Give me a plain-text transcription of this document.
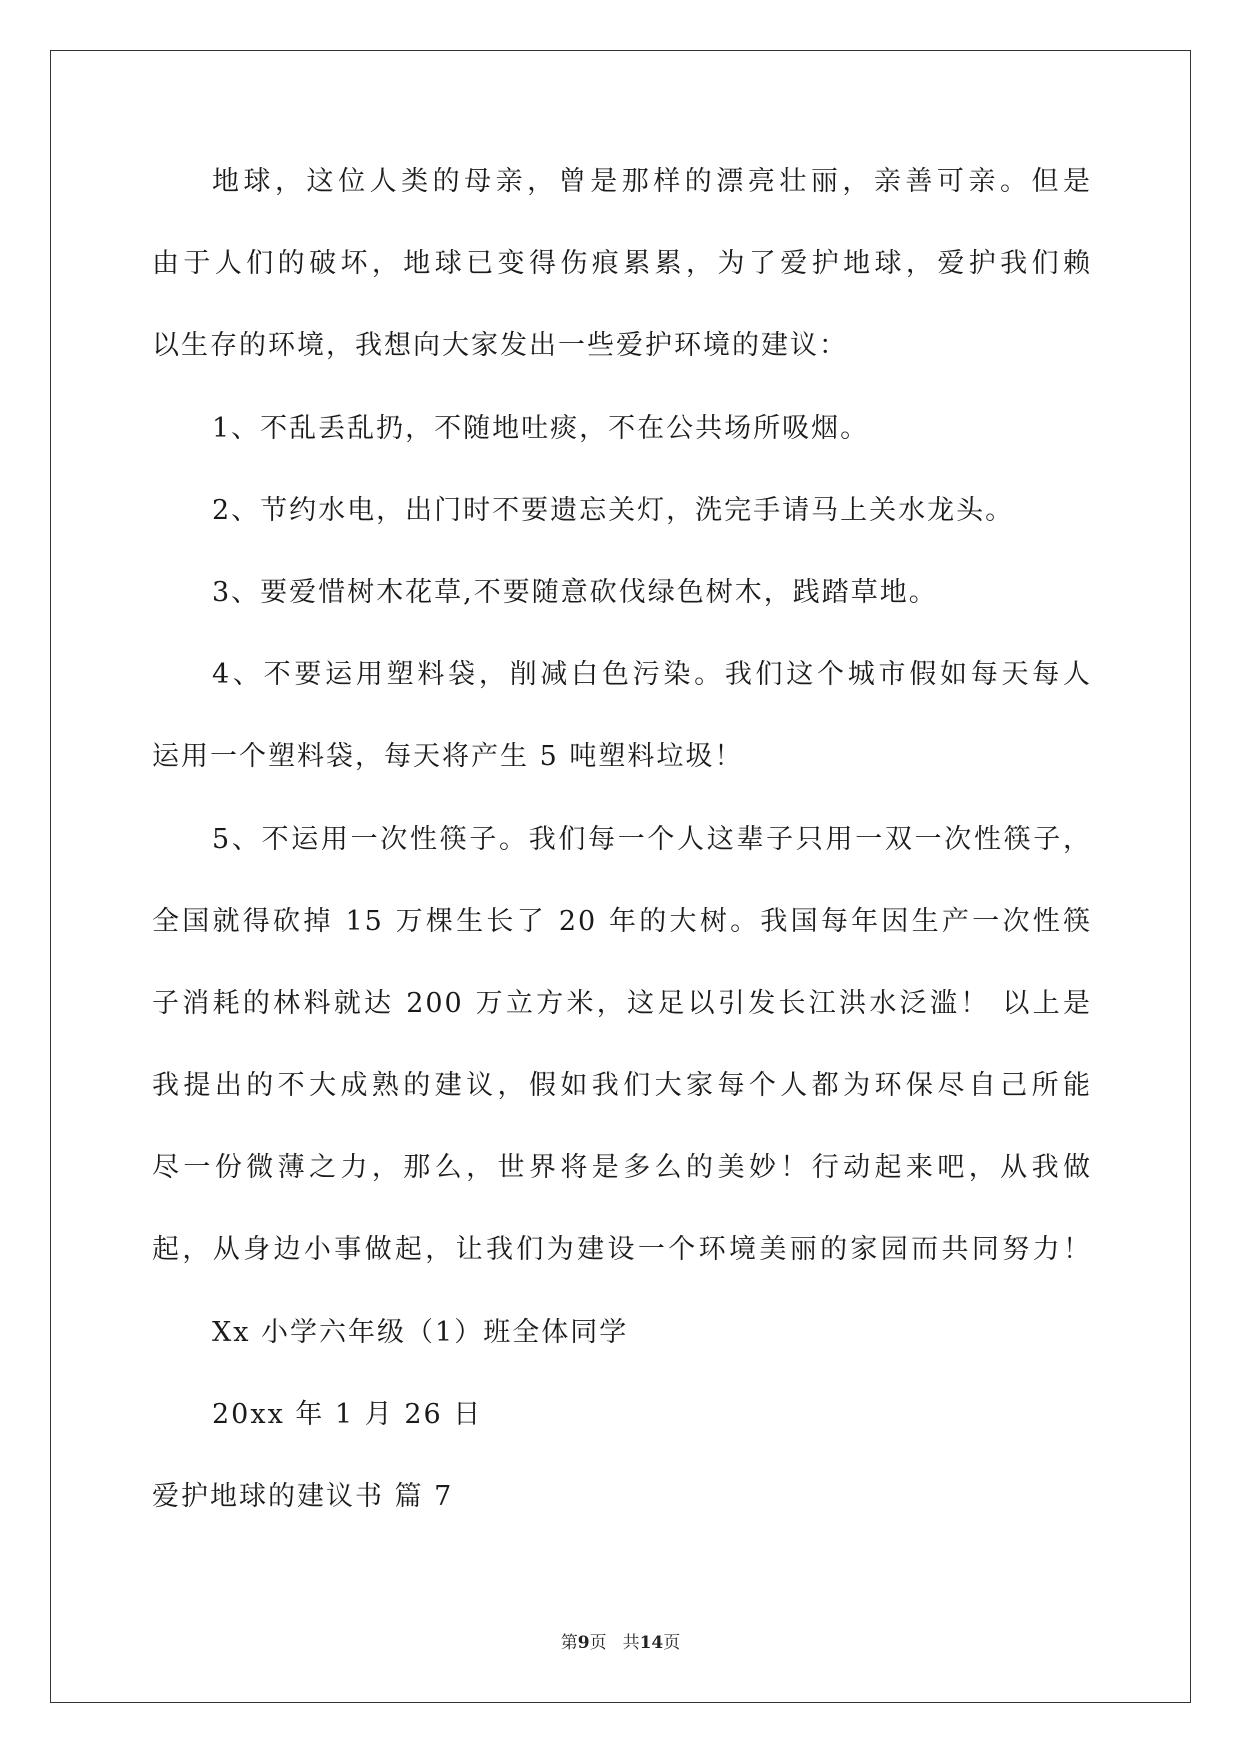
地球，这位人类的母亲，曾是那样的漂亮壮丽，亲善可亲。但是
由于人们的破坏，地球已变得伤痕累累，为了爱护地球，爱护我们赖
以生存的环境，我想向大家发出一些爱护环境的建议：
1、不乱丢乱扔，不随地吐痰，不在公共场所吸烟。
2、节约水电，出门时不要遗忘关灯，洗完手请马上关水龙头。
3、要爱惜树木花草,不要随意砍伐绿色树木，践踏草地。
4、不要运用塑料袋，削减白色污染。我们这个城市假如每天每人
运用一个塑料袋，每天将产生 5 吨塑料垃圾！
5、不运用一次性筷子。我们每一个人这辈子只用一双一次性筷子，
全国就得砍掉 15 万棵生长了 20 年的大树。我国每年因生产一次性筷
子消耗的林料就达 200 万立方米，这足以引发长江洪水泛滥！ 以上是
我提出的不大成熟的建议，假如我们大家每个人都为环保尽自己所能
尽一份微薄之力，那么，世界将是多么的美妙！行动起来吧，从我做
起，从身边小事做起，让我们为建设一个环境美丽的家园而共同努力！
Xx 小学六年级（1）班全体同学
20xx 年 1 月 26 日
爱护地球的建议书 篇 7
第9页 共14页
